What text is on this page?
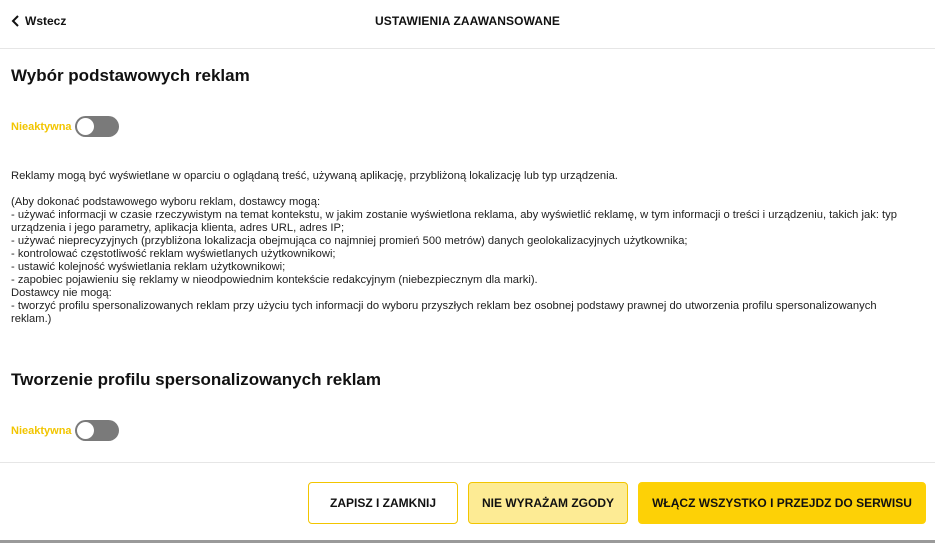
Wstecz	USTAWIENIA ZAAWANSOWANE
Wybór podstawowych reklam
Nieaktywna

Reklamy mogą być wyświetlane w oparciu o oglądaną treść, używaną aplikację, przybliżoną lokalizację lub typ urządzenia.

(Aby dokonać podstawowego wyboru reklam, dostawcy mogą:

- używać informacji w czasie rzeczywistym na temat kontekstu, w jakim zostanie wyświetlona reklama, aby wyświetlić reklamę, w tym informacji o treści i urządzeniu, takich jak: typ urządzenia i jego parametry, aplikacja klienta, adres URL, adres IP;

- używać nieprecyzyjnych (przybliżona lokalizacja obejmująca co najmniej promień 500 metrów) danych geolokalizacyjnych użytkownika;

- kontrolować częstotliwość reklam wyświetlanych użytkownikowi;

- ustawić kolejność wyświetlania reklam użytkownikowi;

- zapobiec pojawieniu się reklamy w nieodpowiednim kontekście redakcyjnym (niebezpiecznym dla marki).

Dostawcy nie mogą:

- tworzyć profilu spersonalizowanych reklam przy użyciu tych informacji do wyboru przyszłych reklam bez osobnej podstawy prawnej do utworzenia profilu spersonalizowanych reklam.)

Tworzenie profilu spersonalizowanych reklam
Nieaktywna
ZAPISZ I ZAMKNIJ	NIE WYRAŻAM ZGODY	WŁĄCZ WSZYSTKO I PRZEJDZ DO SERWISU
